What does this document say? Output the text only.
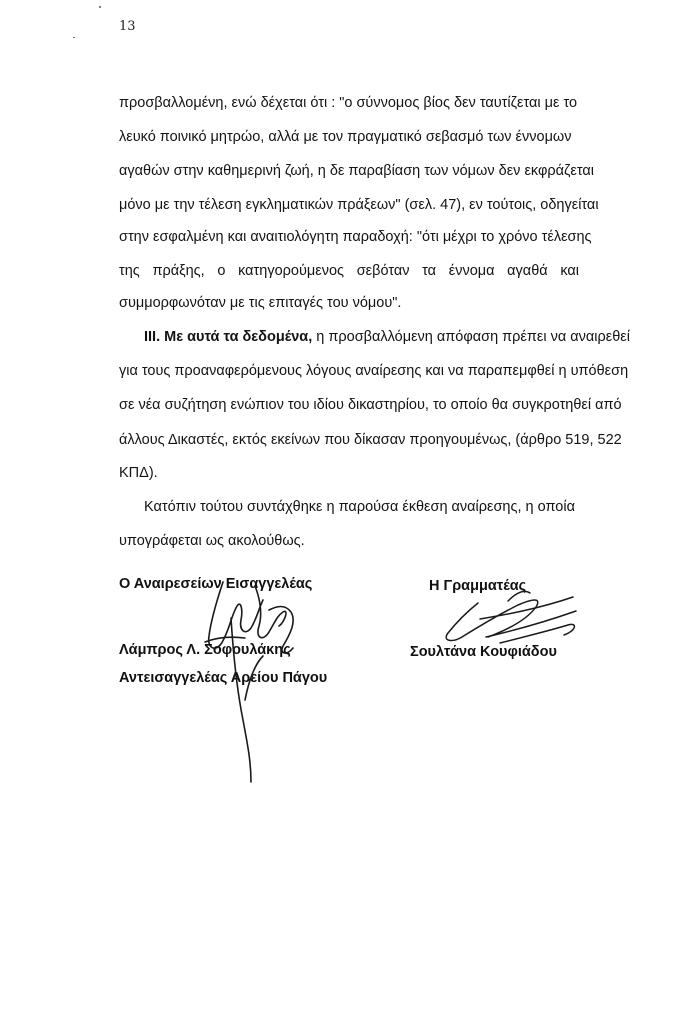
13
προσβαλλομένη, ενώ δέχεται ότι : "ο σύννομος βίος δεν ταυτίζεται με το
λευκό ποινικό μητρώο, αλλά με τον πραγματικό σεβασμό των έννομων
αγαθών στην καθημερινή ζωή, η δε παραβίαση των νόμων δεν εκφράζεται
μόνο με την τέλεση εγκληματικών πράξεων" (σελ. 47), εν τούτοις, οδηγείται
στην εσφαλμένη και αναιτιολόγητη παραδοχή: "ότι μέχρι το χρόνο τέλεσης
της πράξης, ο κατηγορούμενος σεβόταν τα έννομα αγαθά και
συμμορφωνόταν με τις επιταγές του νόμου".
ΙΙΙ. Με αυτά τα δεδομένα, η προσβαλλόμενη απόφαση πρέπει να αναιρεθεί
για τους προαναφερόμενους λόγους αναίρεσης και να παραπεμφθεί η υπόθεση
σε νέα συζήτηση ενώπιον του ιδίου δικαστηρίου, το οποίο θα συγκροτηθεί από
άλλους Δικαστές, εκτός εκείνων που δίκασαν προηγουμένως, (άρθρο 519, 522
ΚΠΔ).
Κατόπιν τούτου συντάχθηκε η παρούσα έκθεση αναίρεσης, η οποία
υπογράφεται ως ακολούθως.
Ο Αναιρεσείων Εισαγγελέας	Η Γραμματέας
Λάμπρος Λ. Σοφουλάκης	Σουλτάνα Κουφιάδου
Αντεισαγγελέας Αρείου Πάγου
